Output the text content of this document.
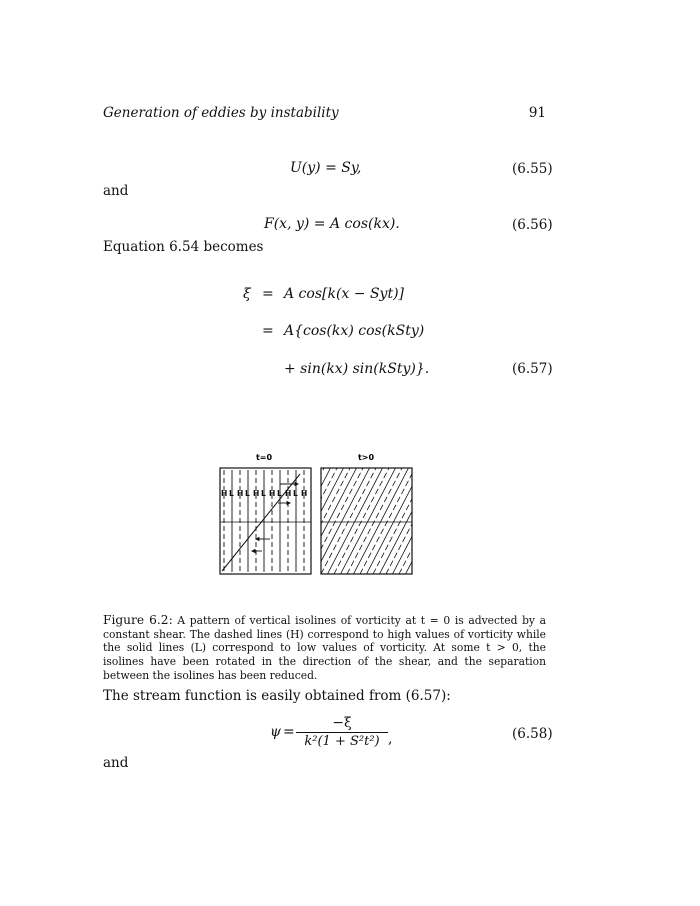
Generation of eddies by instability	91
U(y) = Sy,	(6.55)
and
F(x, y) = A cos(kx).	(6.56)
Equation 6.54 becomes
ξ = A cos[k(x − Syt)]
= A{cos(kx) cos(kSty)
+ sin(kx) sin(kSty)}.	(6.57)
t=0	t>0
H L H L H L H L H L H
Figure 6.2: A pattern of vertical isolines of vorticity at t = 0 is advected by a constant shear. The dashed lines (H) correspond to high values of vorticity while the solid lines (L) correspond to low values of vorticity. At some t > 0, the isolines have been rotated in the direction of the shear, and the separation between the isolines has been reduced.
The stream function is easily obtained from (6.57):
$\psi = \frac{-\xi}{\text{k²(1 + S²t²)}}$ ,	(6.58)
and
